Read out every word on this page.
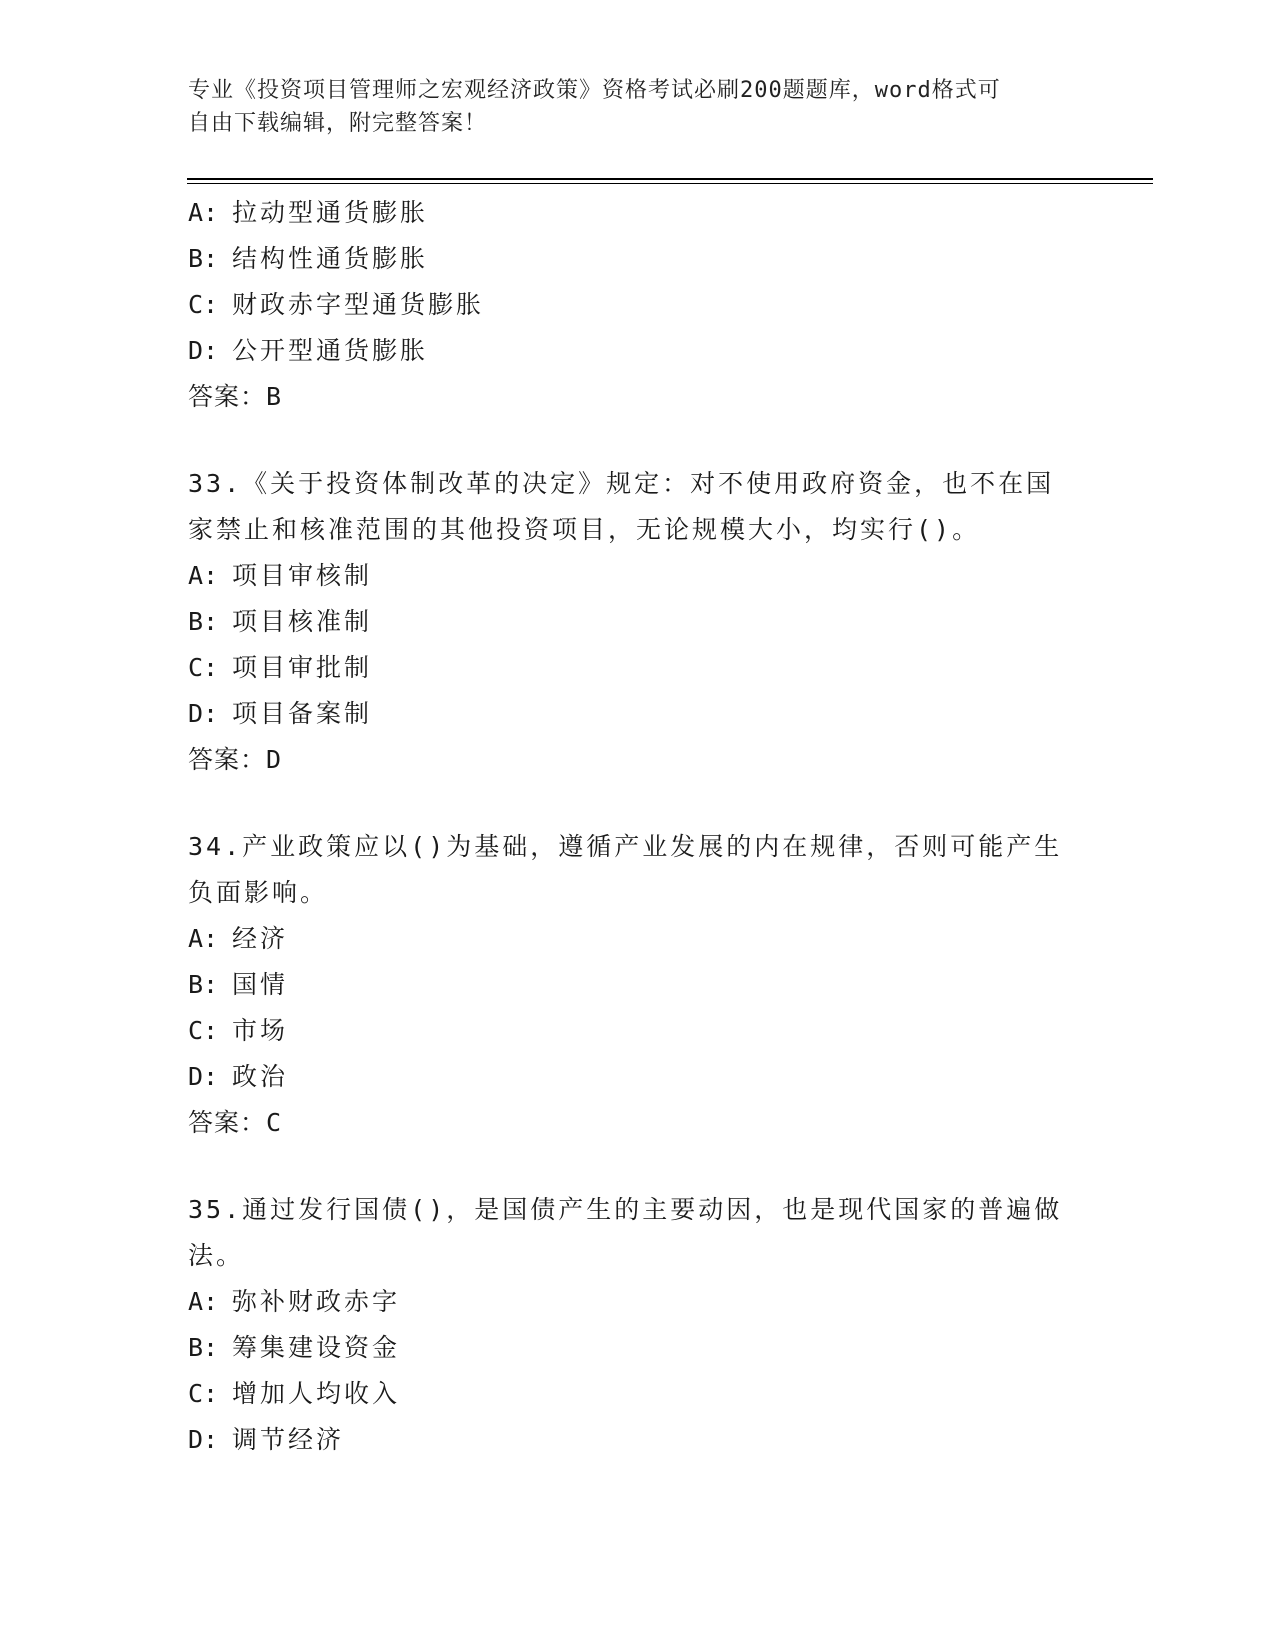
专业《投资项目管理师之宏观经济政策》资格考试必刷200题题库，word格式可
自由下载编辑，附完整答案！
A: 拉动型通货膨胀
B: 结构性通货膨胀
C: 财政赤字型通货膨胀
D: 公开型通货膨胀
答案：B
33.《关于投资体制改革的决定》规定：对不使用政府资金，也不在国
家禁止和核准范围的其他投资项目，无论规模大小，均实行()。
A: 项目审核制
B: 项目核准制
C: 项目审批制
D: 项目备案制
答案：D
34.产业政策应以()为基础，遵循产业发展的内在规律，否则可能产生
负面影响。
A: 经济
B: 国情
C: 市场
D: 政治
答案：C
35.通过发行国债()，是国债产生的主要动因，也是现代国家的普遍做
法。
A: 弥补财政赤字
B: 筹集建设资金
C: 增加人均收入
D: 调节经济
